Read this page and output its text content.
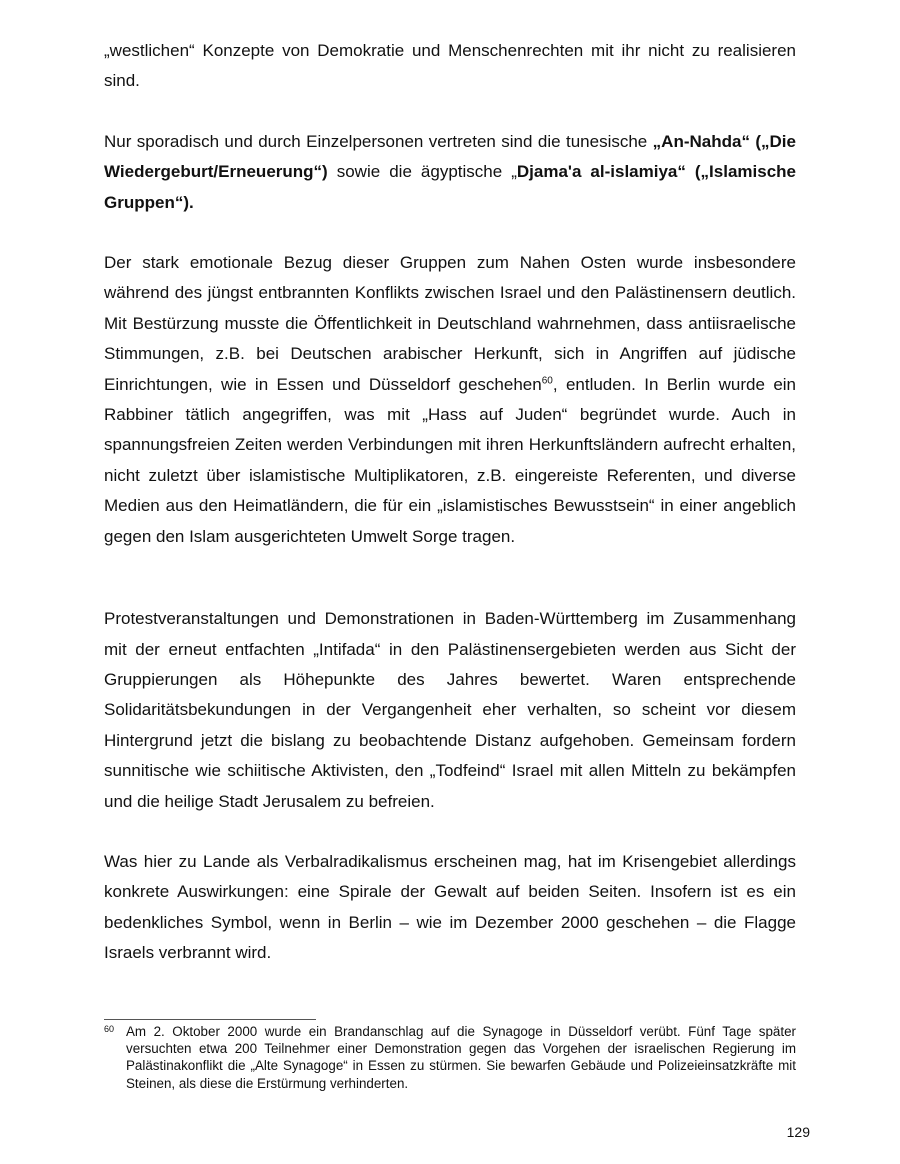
„westlichen“ Konzepte von Demokratie und Menschenrechten mit ihr nicht zu realisieren sind.

Nur sporadisch und durch Einzelpersonen vertreten sind die tunesische „An-Nahda“ („Die Wiedergeburt/Erneuerung“) sowie die ägyptische „Djama'a al-islamiya“ („Islamische Gruppen“).

Der stark emotionale Bezug dieser Gruppen zum Nahen Osten wurde insbesondere während des jüngst entbrannten Konflikts zwischen Israel und den Palästinensern deutlich. Mit Bestürzung musste die Öffentlichkeit in Deutschland wahrnehmen, dass antiisraelische Stimmungen, z.B. bei Deutschen arabischer Herkunft, sich in Angriffen auf jüdische Einrichtungen, wie in Essen und Düsseldorf geschehen$^{60}$, entluden. In Berlin wurde ein Rabbiner tätlich angegriffen, was mit „Hass auf Juden“ begründet wurde. Auch in spannungsfreien Zeiten werden Verbindungen mit ihren Herkunftsländern aufrecht erhalten, nicht zuletzt über islamistische Multiplikatoren, z.B. eingereiste Referenten, und diverse Medien aus den Heimatländern, die für ein „islamistisches Bewusstsein“ in einer angeblich gegen den Islam ausgerichteten Umwelt Sorge tragen.

Protestveranstaltungen und Demonstrationen in Baden-Württemberg im Zusammenhang mit der erneut entfachten „Intifada“ in den Palästinensergebieten werden aus Sicht der Gruppierungen als Höhepunkte des Jahres bewertet. Waren entsprechende Solidaritätsbekundungen in der Vergangenheit eher verhalten, so scheint vor diesem Hintergrund jetzt die bislang zu beobachtende Distanz aufgehoben. Gemeinsam fordern sunnitische wie schiitische Aktivisten, den „Todfeind“ Israel mit allen Mitteln zu bekämpfen und die heilige Stadt Jerusalem zu befreien.

Was hier zu Lande als Verbalradikalismus erscheinen mag, hat im Krisengebiet allerdings konkrete Auswirkungen: eine Spirale der Gewalt auf beiden Seiten. Insofern ist es ein bedenkliches Symbol, wenn in Berlin – wie im Dezember 2000 geschehen – die Flagge Israels verbrannt wird.

60 Am 2. Oktober 2000 wurde ein Brandanschlag auf die Synagoge in Düsseldorf verübt. Fünf Tage später versuchten etwa 200 Teilnehmer einer Demonstration gegen das Vorgehen der israelischen Regierung im Palästinakonflikt die „Alte Synagoge“ in Essen zu stürmen. Sie bewarfen Gebäude und Polizeieinsatzkräfte mit Steinen, als diese die Erstürmung verhinderten.
129
